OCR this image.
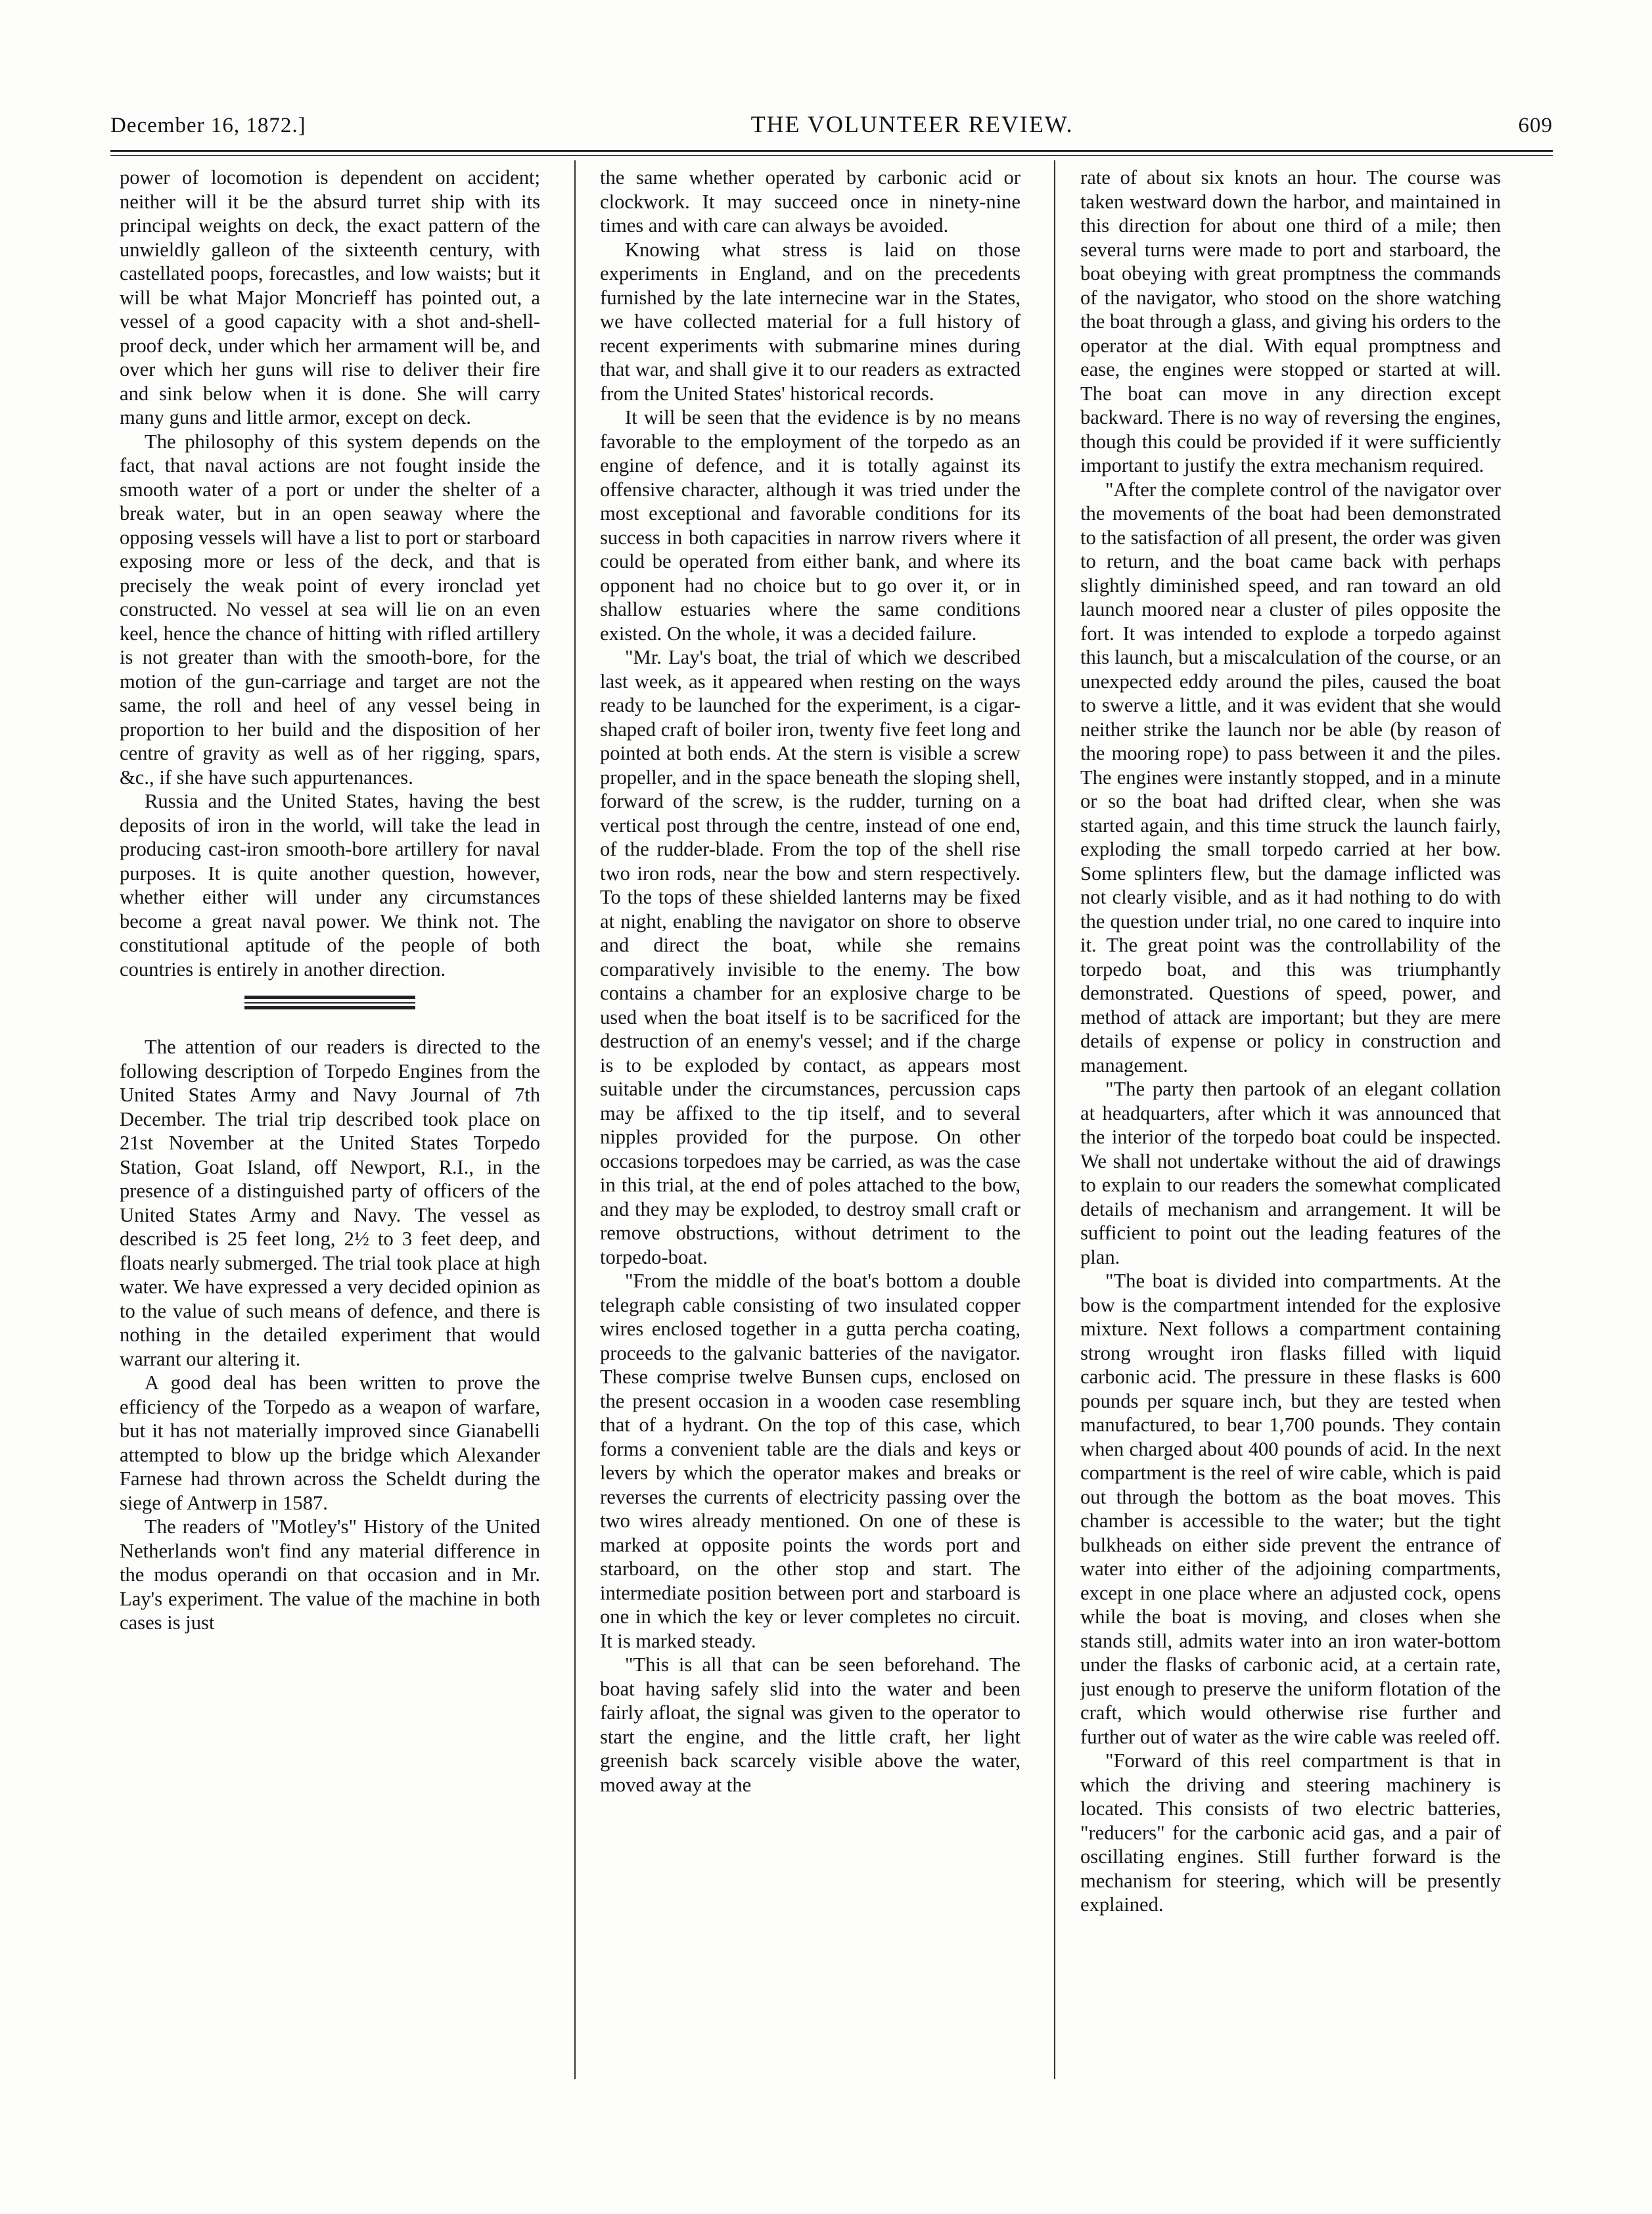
December 16, 1872.]	THE VOLUNTEER REVIEW.	609

power of locomotion is dependent on accident; neither will it be the absurd turret ship with its principal weights on deck, the exact pattern of the unwieldly galleon of the sixteenth century, with castellated poops, forecastles, and low waists; but it will be what Major Moncrieff has pointed out, a vessel of a good capacity with a shot and-shell-proof deck, under which her armament will be, and over which her guns will rise to deliver their fire and sink below when it is done. She will carry many guns and little armor, except on deck.

The philosophy of this system depends on the fact, that naval actions are not fought inside the smooth water of a port or under the shelter of a break water, but in an open seaway where the opposing vessels will have a list to port or starboard exposing more or less of the deck, and that is precisely the weak point of every ironclad yet constructed. No vessel at sea will lie on an even keel, hence the chance of hitting with rifled artillery is not greater than with the smooth-bore, for the motion of the gun-carriage and target are not the same, the roll and heel of any vessel being in proportion to her build and the disposition of her centre of gravity as well as of her rigging, spars, &c., if she have such appurtenances.

Russia and the United States, having the best deposits of iron in the world, will take the lead in producing cast-iron smooth-bore artillery for naval purposes. It is quite another question, however, whether either will under any circumstances become a great naval power. We think not. The constitutional aptitude of the people of both countries is entirely in another direction.

The attention of our readers is directed to the following description of Torpedo Engines from the United States Army and Navy Journal of 7th December. The trial trip described took place on 21st November at the United States Torpedo Station, Goat Island, off Newport, R.I., in the presence of a distinguished party of officers of the United States Army and Navy. The vessel as described is 25 feet long, 2½ to 3 feet deep, and floats nearly submerged. The trial took place at high water. We have expressed a very decided opinion as to the value of such means of defence, and there is nothing in the detailed experiment that would warrant our altering it.

A good deal has been written to prove the efficiency of the Torpedo as a weapon of warfare, but it has not materially improved since Gianabelli attempted to blow up the bridge which Alexander Farnese had thrown across the Scheldt during the siege of Antwerp in 1587.

The readers of "Motley's" History of the United Netherlands won't find any material difference in the modus operandi on that occasion and in Mr. Lay's experiment. The value of the machine in both cases is just

the same whether operated by carbonic acid or clockwork. It may succeed once in ninety-nine times and with care can always be avoided.

Knowing what stress is laid on those experiments in England, and on the precedents furnished by the late internecine war in the States, we have collected material for a full history of recent experiments with submarine mines during that war, and shall give it to our readers as extracted from the United States' historical records.

It will be seen that the evidence is by no means favorable to the employment of the torpedo as an engine of defence, and it is totally against its offensive character, although it was tried under the most exceptional and favorable conditions for its success in both capacities in narrow rivers where it could be operated from either bank, and where its opponent had no choice but to go over it, or in shallow estuaries where the same conditions existed. On the whole, it was a decided failure.

"Mr. Lay's boat, the trial of which we described last week, as it appeared when resting on the ways ready to be launched for the experiment, is a cigar-shaped craft of boiler iron, twenty five feet long and pointed at both ends. At the stern is visible a screw propeller, and in the space beneath the sloping shell, forward of the screw, is the rudder, turning on a vertical post through the centre, instead of one end, of the rudder-blade. From the top of the shell rise two iron rods, near the bow and stern respectively. To the tops of these shielded lanterns may be fixed at night, enabling the navigator on shore to observe and direct the boat, while she remains comparatively invisible to the enemy. The bow contains a chamber for an explosive charge to be used when the boat itself is to be sacrificed for the destruction of an enemy's vessel; and if the charge is to be exploded by contact, as appears most suitable under the circumstances, percussion caps may be affixed to the tip itself, and to several nipples provided for the purpose. On other occasions torpedoes may be carried, as was the case in this trial, at the end of poles attached to the bow, and they may be exploded, to destroy small craft or remove obstructions, without detriment to the torpedo-boat.

"From the middle of the boat's bottom a double telegraph cable consisting of two insulated copper wires enclosed together in a gutta percha coating, proceeds to the galvanic batteries of the navigator. These comprise twelve Bunsen cups, enclosed on the present occasion in a wooden case resembling that of a hydrant. On the top of this case, which forms a convenient table are the dials and keys or levers by which the operator makes and breaks or reverses the currents of electricity passing over the two wires already mentioned. On one of these is marked at opposite points the words port and starboard, on the other stop and start. The intermediate position between port and starboard is one in which the key or lever completes no circuit. It is marked steady.

"This is all that can be seen beforehand. The boat having safely slid into the water and been fairly afloat, the signal was given to the operator to start the engine, and the little craft, her light greenish back scarcely visible above the water, moved away at the

rate of about six knots an hour. The course was taken westward down the harbor, and maintained in this direction for about one third of a mile; then several turns were made to port and starboard, the boat obeying with great promptness the commands of the navigator, who stood on the shore watching the boat through a glass, and giving his orders to the operator at the dial. With equal promptness and ease, the engines were stopped or started at will. The boat can move in any direction except backward. There is no way of reversing the engines, though this could be provided if it were sufficiently important to justify the extra mechanism required.

"After the complete control of the navigator over the movements of the boat had been demonstrated to the satisfaction of all present, the order was given to return, and the boat came back with perhaps slightly diminished speed, and ran toward an old launch moored near a cluster of piles opposite the fort. It was intended to explode a torpedo against this launch, but a miscalculation of the course, or an unexpected eddy around the piles, caused the boat to swerve a little, and it was evident that she would neither strike the launch nor be able (by reason of the mooring rope) to pass between it and the piles. The engines were instantly stopped, and in a minute or so the boat had drifted clear, when she was started again, and this time struck the launch fairly, exploding the small torpedo carried at her bow. Some splinters flew, but the damage inflicted was not clearly visible, and as it had nothing to do with the question under trial, no one cared to inquire into it. The great point was the controllability of the torpedo boat, and this was triumphantly demonstrated. Questions of speed, power, and method of attack are important; but they are mere details of expense or policy in construction and management.

"The party then partook of an elegant collation at headquarters, after which it was announced that the interior of the torpedo boat could be inspected. We shall not undertake without the aid of drawings to explain to our readers the somewhat complicated details of mechanism and arrangement. It will be sufficient to point out the leading features of the plan.

"The boat is divided into compartments. At the bow is the compartment intended for the explosive mixture. Next follows a compartment containing strong wrought iron flasks filled with liquid carbonic acid. The pressure in these flasks is 600 pounds per square inch, but they are tested when manufactured, to bear 1,700 pounds. They contain when charged about 400 pounds of acid. In the next compartment is the reel of wire cable, which is paid out through the bottom as the boat moves. This chamber is accessible to the water; but the tight bulkheads on either side prevent the entrance of water into either of the adjoining compartments, except in one place where an adjusted cock, opens while the boat is moving, and closes when she stands still, admits water into an iron water-bottom under the flasks of carbonic acid, at a certain rate, just enough to preserve the uniform flotation of the craft, which would otherwise rise further and further out of water as the wire cable was reeled off.

"Forward of this reel compartment is that in which the driving and steering machinery is located. This consists of two electric batteries, "reducers" for the carbonic acid gas, and a pair of oscillating engines. Still further forward is the mechanism for steering, which will be presently explained.
